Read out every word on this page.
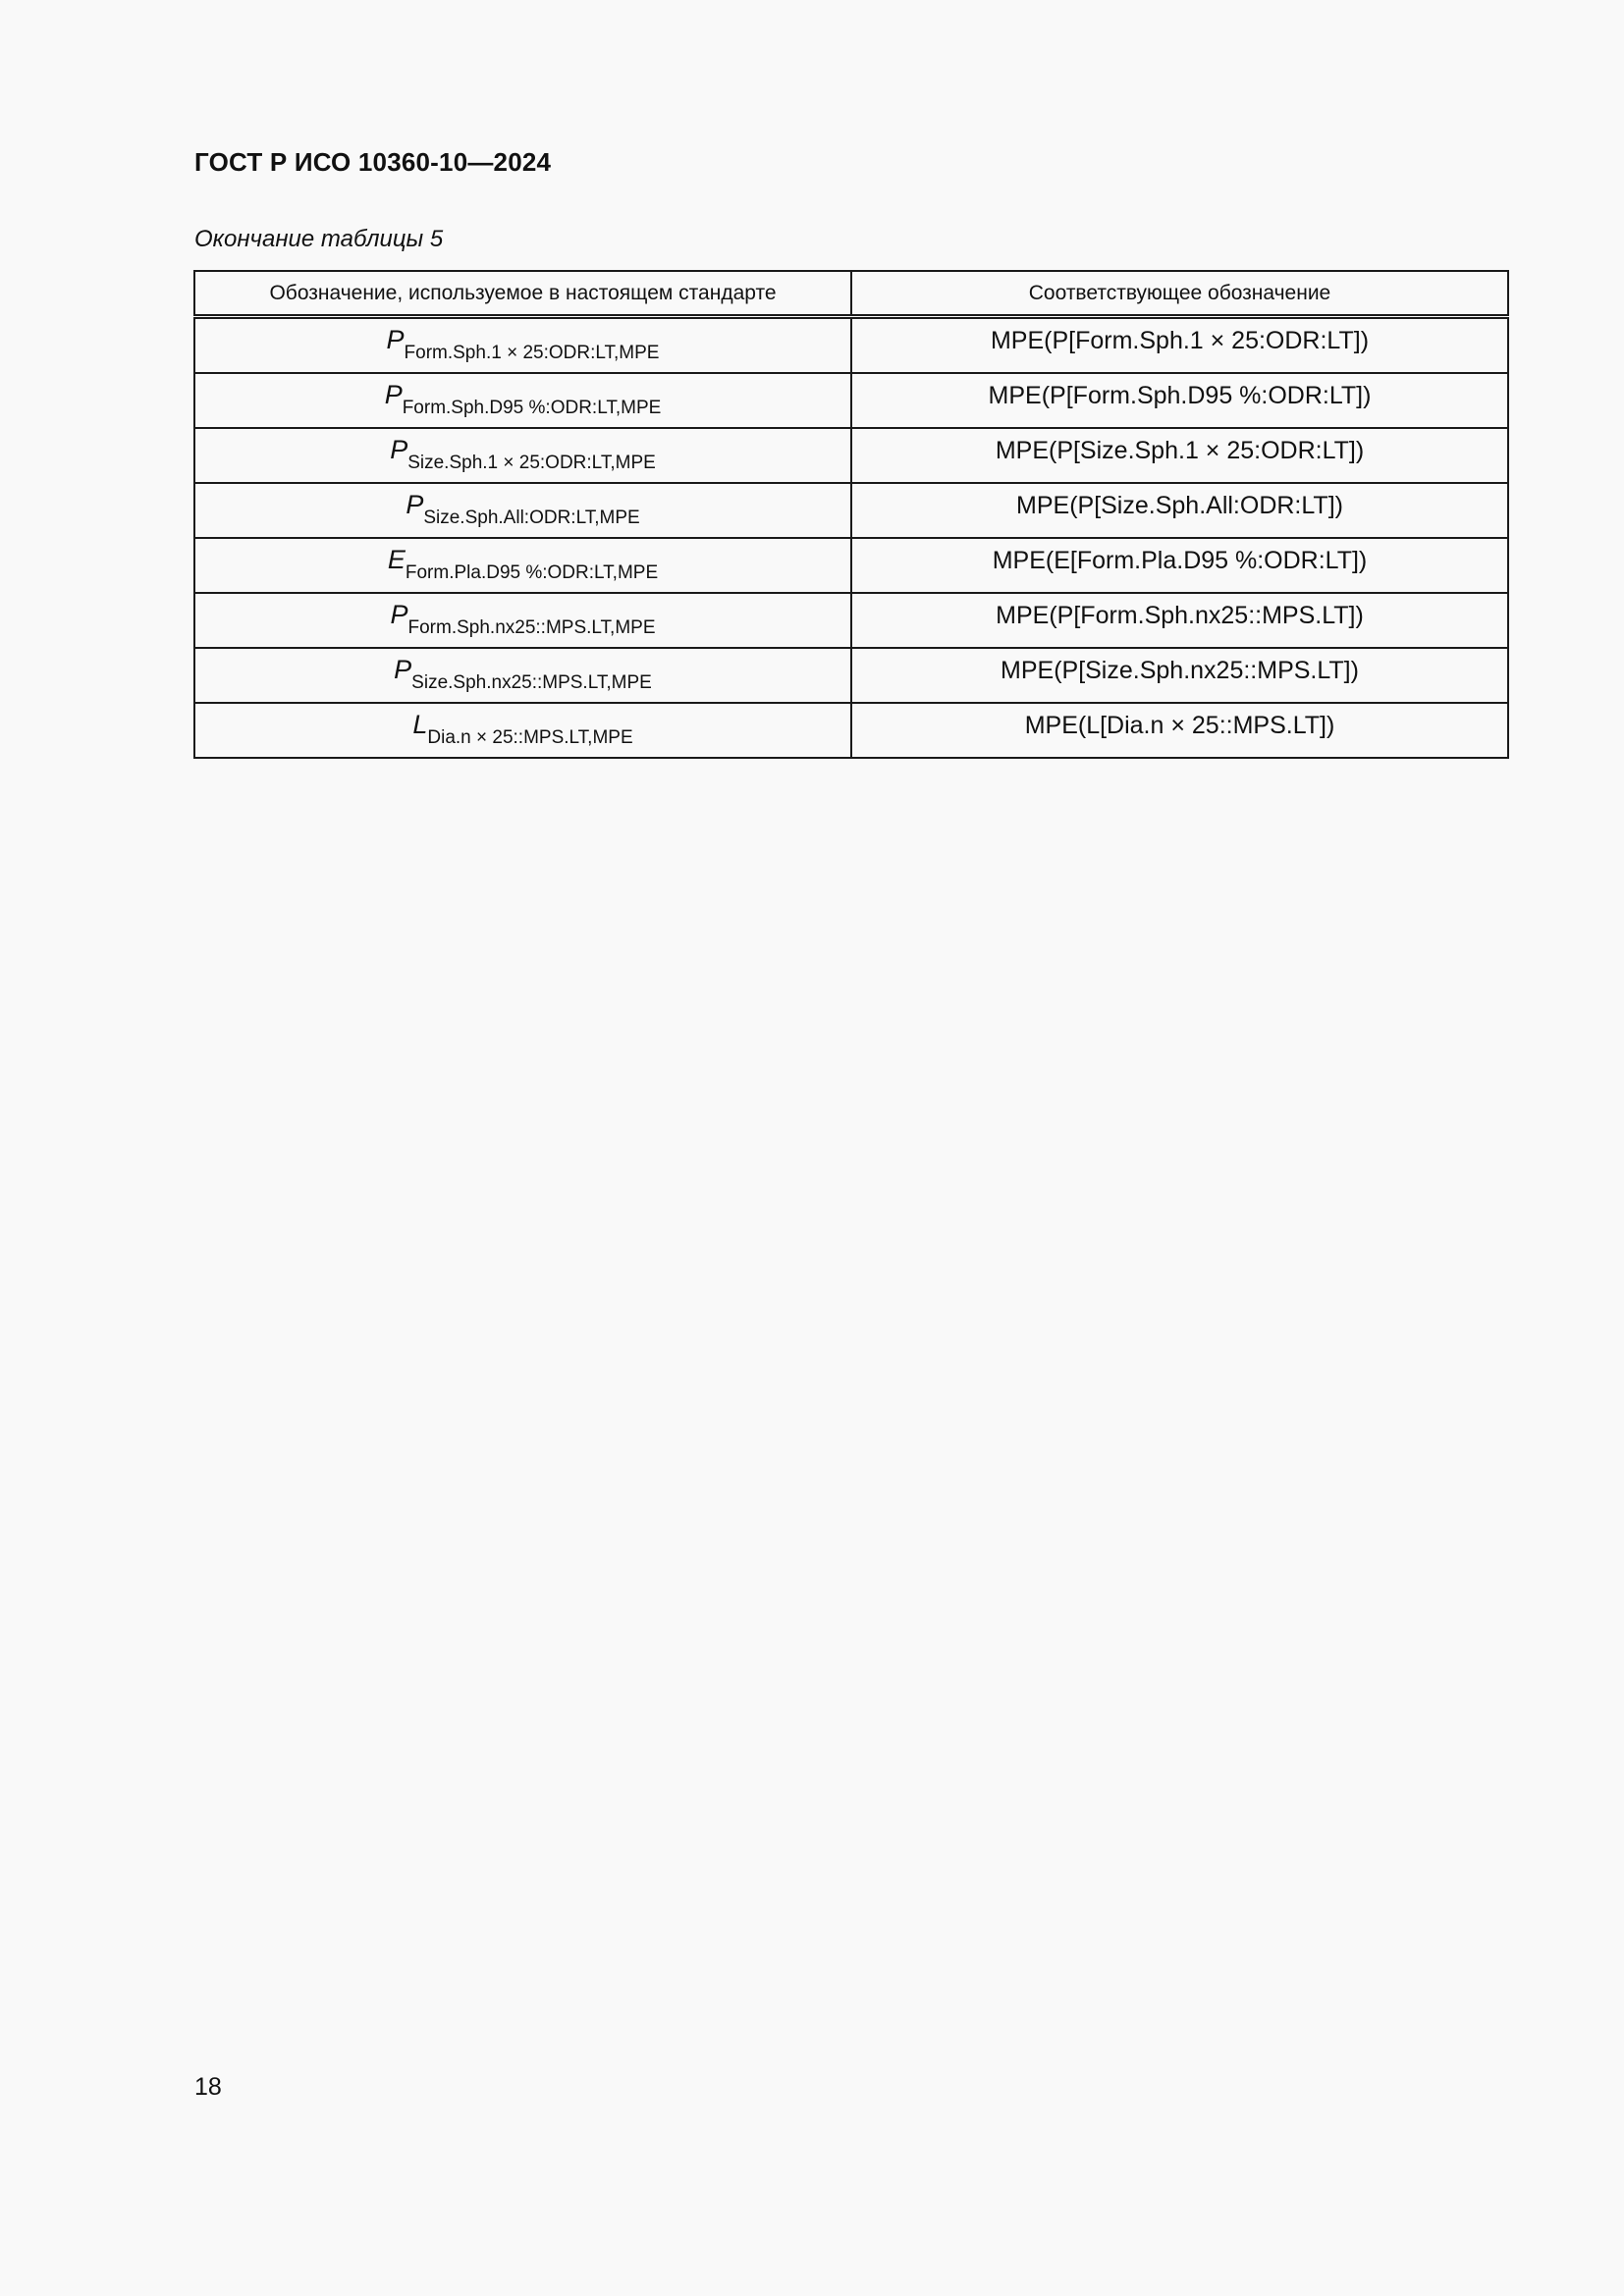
ГОСТ Р ИСО 10360-10—2024
Окончание таблицы 5
Обозначение, используемое в настоящем стандарте	Соответствующее обозначение
PForm.Sph.1 × 25:ODR:LT,MPE	MPE(P[Form.Sph.1 × 25:ODR:LT])
PForm.Sph.D95 %:ODR:LT,MPE	MPE(P[Form.Sph.D95 %:ODR:LT])
PSize.Sph.1 × 25:ODR:LT,MPE	MPE(P[Size.Sph.1 × 25:ODR:LT])
PSize.Sph.All:ODR:LT,MPE	MPE(P[Size.Sph.All:ODR:LT])
EForm.Pla.D95 %:ODR:LT,MPE	MPE(E[Form.Pla.D95 %:ODR:LT])
PForm.Sph.nx25::MPS.LT,MPE	MPE(P[Form.Sph.nx25::MPS.LT])
PSize.Sph.nx25::MPS.LT,MPE	MPE(P[Size.Sph.nx25::MPS.LT])
LDia.n × 25::MPS.LT,MPE	MPE(L[Dia.n × 25::MPS.LT])
18
